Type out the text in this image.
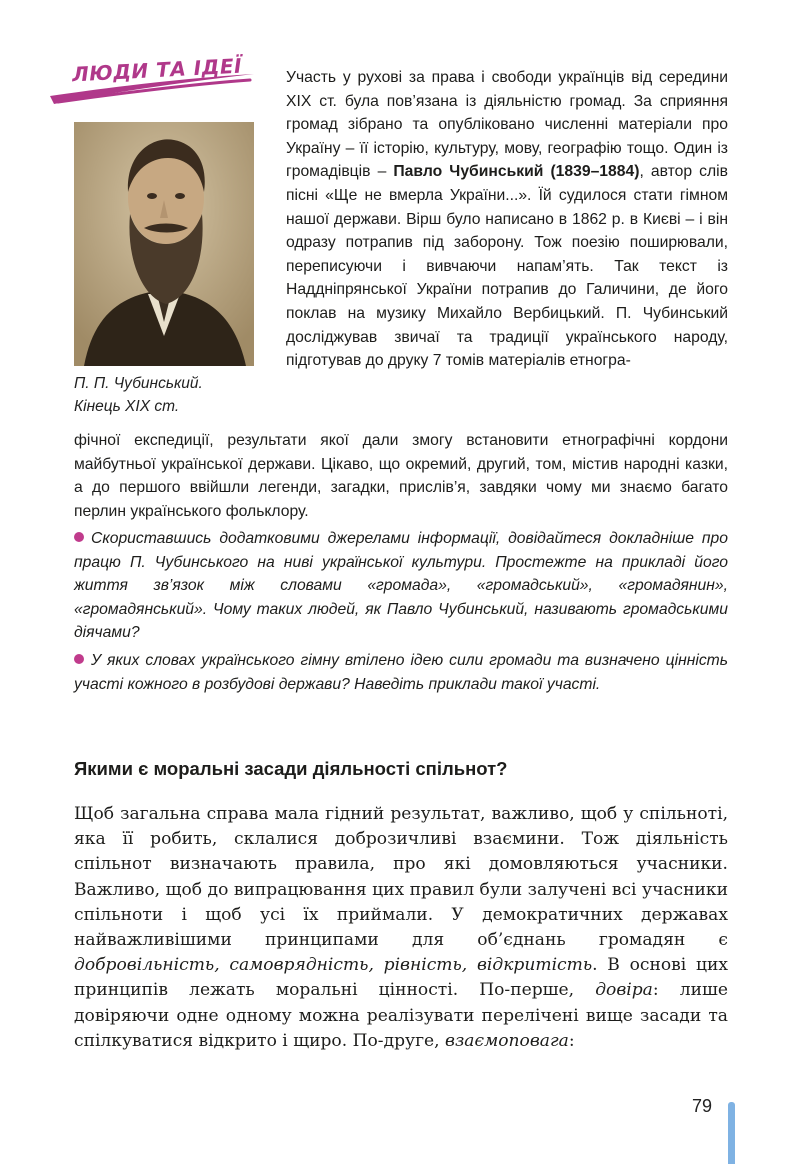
ЛЮДИ ТА ІДЕЇ
П. П. Чубинський.
Кінець XIX ст.

Участь у рухові за права і свободи українців від середини XIX ст. була пов’язана із діяльністю громад. За сприяння громад зібрано та опубліковано численні матеріали про Україну – її історію, культуру, мову, географію тощо. Один із громадівців – Павло Чубинський (1839–1884), автор слів пісні «Ще не вмерла України...». Їй судилося стати гімном нашої держави. Вірш було написано в 1862 р. в Києві – і він одразу потрапив під заборону. Тож поезію поширювали, переписуючи і вивчаючи напам’ять. Так текст із Наддніпрянської України потрапив до Галичини, де його поклав на музику Михайло Вербицький. П. Чубинський досліджував звичаї та традиції українського народу, підготував до друку 7 томів матеріалів етногра-

фічної експедиції, результати якої дали змогу встановити етнографічні кордони майбутньої української держави. Цікаво, що окремий, другий, том, містив народні казки, а до першого ввійшли легенди, загадки, прислів’я, завдяки чому ми знаємо багато перлин українського фольклору.

Скориставшись додатковими джерелами інформації, довідайтеся докладніше про працю П. Чубинського на ниві української культури. Простежте на прикладі його життя зв’язок між словами «громада», «громадський», «громадянин», «громадянський». Чому таких людей, як Павло Чубинський, називають громадськими діячами?

У яких словах українського гімну втілено ідею сили громади та визначено цінність участі кожного в розбудові держави? Наведіть приклади такої участі.

Якими є моральні засади діяльності спільнот?

Щоб загальна справа мала гідний результат, важливо, щоб у спільноті, яка її робить, склалися доброзичливі взаємини. Тож діяльність спільнот визначають правила, про які домовляються учасники. Важливо, щоб до випрацювання цих правил були залучені всі учасники спільноти і щоб усі їх приймали. У демократичних державах найважливішими принципами для об’єднань громадян є добровільність, самоврядність, рівність, відкритість. В основі цих принципів лежать моральні цінності. По-перше, довіра: лише довіряючи одне одному можна реалізувати перелічені вище засади та спілкуватися відкрито і щиро. По-друге, взаємоповага:

79
